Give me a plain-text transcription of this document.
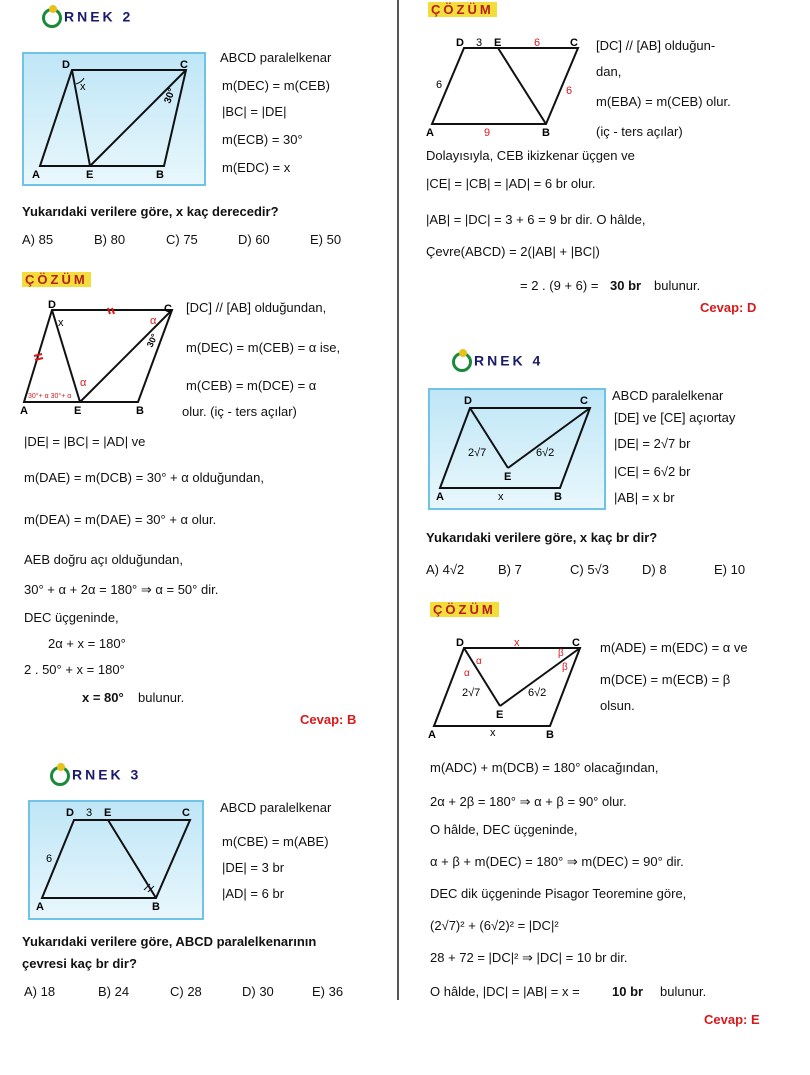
RNEK 2
x
D	C
A	E	B
30°
ABCD paralelkenar
m(DEC) = m(CEB)
|BC| = |DE|
m(ECB) = 30°
m(EDC) = x
Yukarıdaki verilere göre, x kaç derecedir?
A) 85	B) 80	C) 75	D) 60	E) 50
ÇÖZÜM
x	α
α
30°
30°+ α 30°+ α
D	C
A	E	B
[DC] // [AB] olduğundan,
m(DEC) = m(CEB) = α ise,
m(CEB) = m(DCE) = α
olur. (iç - ters açılar)
|DE| = |BC| = |AD| ve
m(DAE) = m(DCB) = 30° + α olduğundan,
m(DEA) = m(DAE) = 30° + α olur.
AEB doğru açı olduğundan,
30° + α + 2α = 180° ⇒ α = 50° dir.
DEC üçgeninde,
2α + x = 180°
2 . 50° + x = 180°
x = 80° bulunur.
Cevap: B
RNEK 3
D 3 E	C
6
A	B
ABCD paralelkenar
m(CBE) = m(ABE)
|DE| = 3 br
|AD| = 6 br
Yukarıdaki verilere göre, ABCD paralelkenarının
çevresi kaç br dir?
A) 18	B) 24	C) 28	D) 30	E) 36
ÇÖZÜM
D 3 E	6	C
6	6
9
A	B
[DC] // [AB] olduğun-
dan,
m(EBA) = m(CEB) olur.
(iç - ters açılar)
Dolayısıyla, CEB ikizkenar üçgen ve
|CE| = |CB| = |AD| = 6 br olur.
|AB| = |DC| = 3 + 6 = 9 br dir. O hâlde,
Çevre(ABCD) = 2(|AB| + |BC|)
= 2 . (9 + 6) = 30 br bulunur.
Cevap: D
RNEK 4
D	C
2√7	6√2
E
x
A	B
ABCD paralelkenar
[DE] ve [CE] açıortay
|DE| = 2√7 br
|CE| = 6√2 br
|AB| = x br
Yukarıdaki verilere göre, x kaç br dir?
A) 4√2	B) 7	C) 5√3	D) 8	E) 10
ÇÖZÜM
D	x	C
α
α
β
β
2√7	6√2
E
x
A	B
m(ADE) = m(EDC) = α ve
m(DCE) = m(ECB) = β
olsun.
m(ADC) + m(DCB) = 180° olacağından,
2α + 2β = 180° ⇒ α + β = 90° olur.
O hâlde, DEC üçgeninde,
α + β + m(DEC) = 180° ⇒ m(DEC) = 90° dir.
DEC dik üçgeninde Pisagor Teoremine göre,
(2√7)² + (6√2)² = |DC|²
28 + 72 = |DC|² ⇒ |DC| = 10 br dir.
O hâlde, |DC| = |AB| = x = 10 br bulunur.
Cevap: E
